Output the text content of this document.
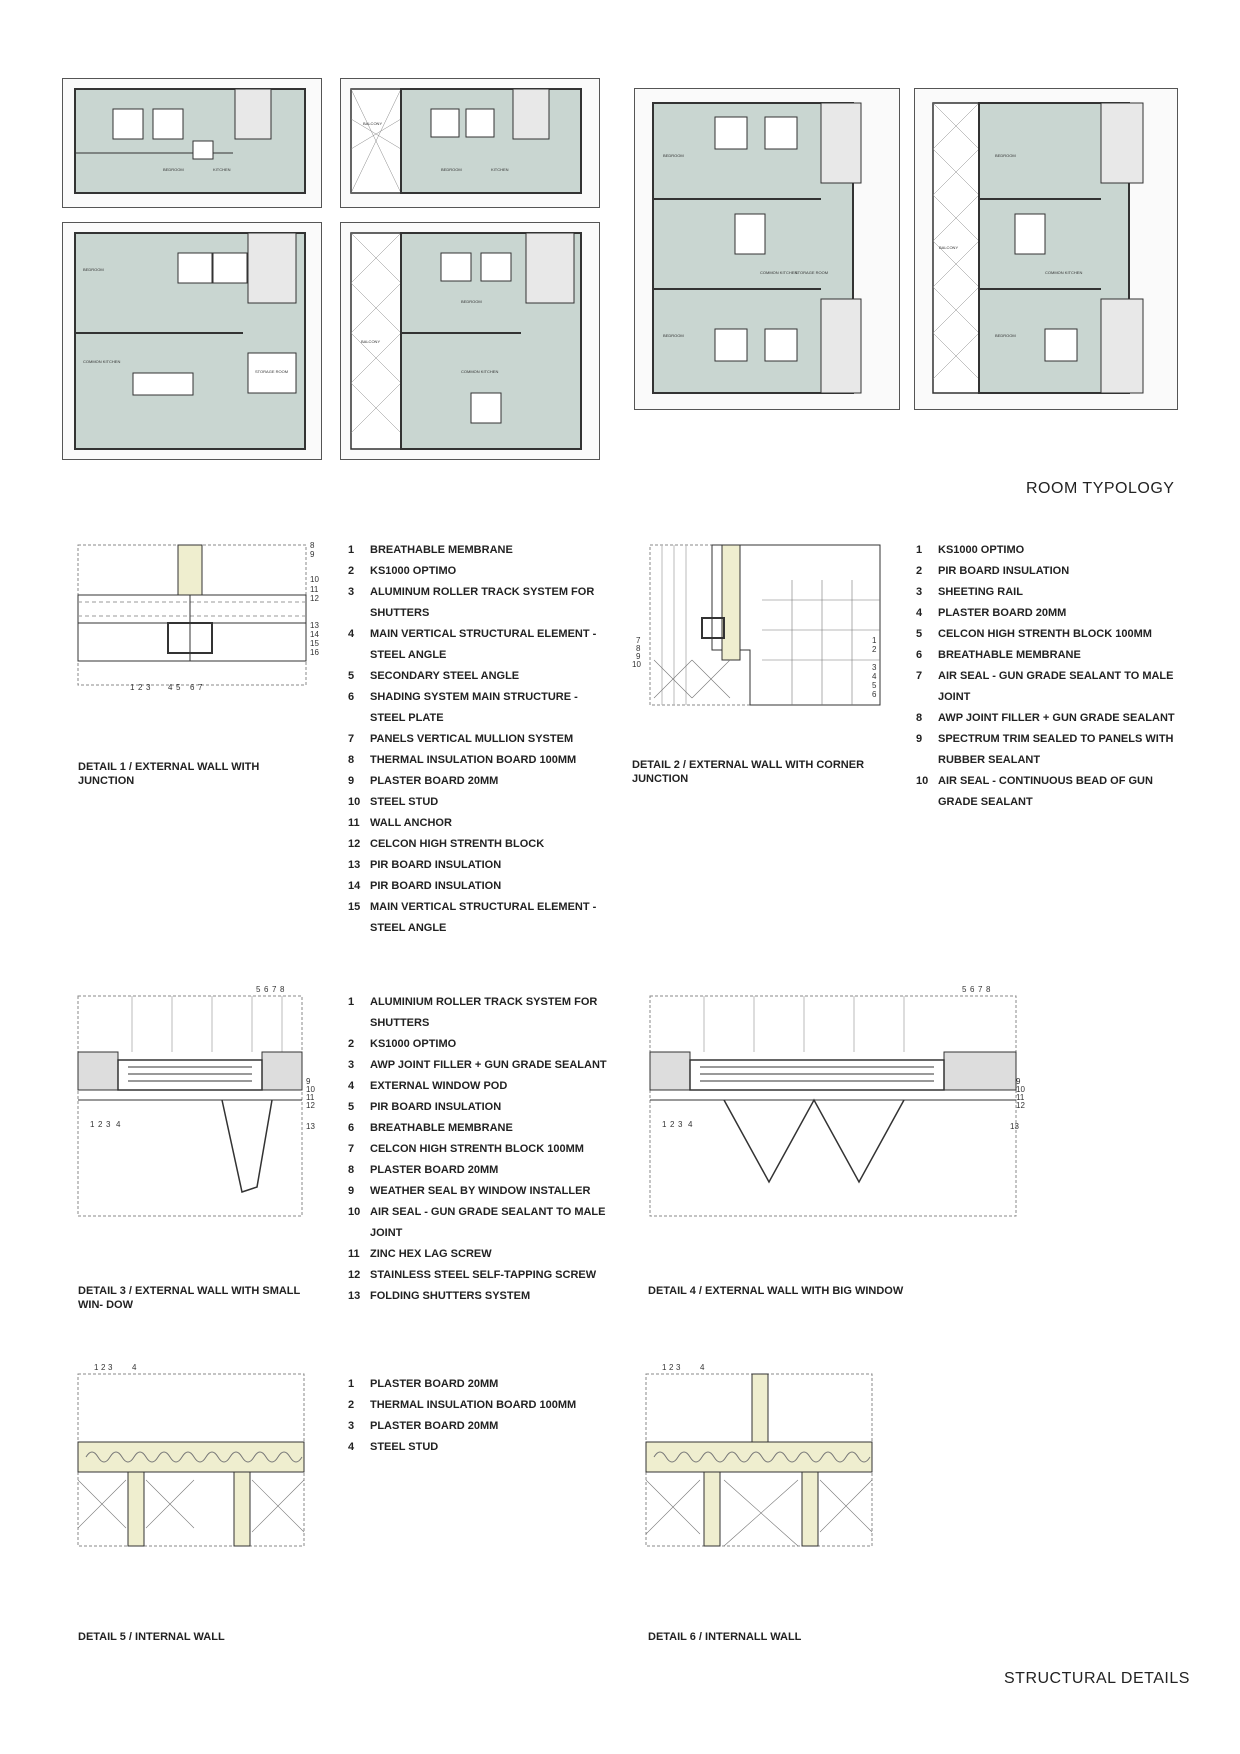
BEDROOM	KITCHEN
BALCONY
BEDROOM	KITCHEN
BEDROOM
COMMON KITCHEN
STORAGE ROOM
BALCONY
BEDROOM
COMMON KITCHEN
BEDROOM
COMMON KITCHEN
STORAGE ROOM
BEDROOM
BALCONY
BEDROOM
COMMON KITCHEN
BEDROOM
ROOM TYPOLOGY
8
9
10
11
12
13
14
15
16
1 2 3 4 5 6 7
DETAIL 1 / EXTERNAL WALL WITH JUNCTION
1	BREATHABLE MEMBRANE
2	KS1000 OPTIMO
3	ALUMINUM ROLLER TRACK SYSTEM FOR SHUTTERS
4	MAIN VERTICAL STRUCTURAL ELEMENT - STEEL ANGLE
5	SECONDARY STEEL ANGLE
6	SHADING SYSTEM MAIN STRUCTURE - STEEL PLATE
7	PANELS VERTICAL MULLION SYSTEM
8	THERMAL INSULATION BOARD 100MM
9	PLASTER BOARD 20MM
10 STEEL STUD
11 WALL ANCHOR
12 CELCON HIGH STRENTH BLOCK
13 PIR BOARD INSULATION
14 PIR BOARD INSULATION
15 MAIN VERTICAL STRUCTURAL ELEMENT - STEEL ANGLE
7
8
9
10
1
2
3
4
5
6
DETAIL 2 / EXTERNAL WALL WITH CORNER JUNCTION
1	KS1000 OPTIMO
2	PIR BOARD INSULATION
3	SHEETING RAIL
4	PLASTER BOARD 20MM
5	CELCON HIGH STRENTH BLOCK 100MM
6	BREATHABLE MEMBRANE
7	AIR SEAL - GUN GRADE SEALANT TO MALE JOINT
8	AWP JOINT FILLER + GUN GRADE SEALANT
9	SPECTRUM TRIM SEALED TO PANELS WITH RUBBER SEALANT
10 AIR SEAL - CONTINUOUS BEAD OF GUN GRADE SEALANT
5 6 7 8
9
10
11
12
1 2 3 4	13
DETAIL 3 / EXTERNAL WALL WITH SMALL WIN- DOW
1	ALUMINIUM ROLLER TRACK SYSTEM FOR SHUTTERS
2	KS1000 OPTIMO
3	AWP JOINT FILLER + GUN GRADE SEALANT
4	EXTERNAL WINDOW POD
5	PIR BOARD INSULATION
6	BREATHABLE MEMBRANE
7	CELCON HIGH STRENTH BLOCK 100MM
8	PLASTER BOARD 20MM
9	WEATHER SEAL BY WINDOW INSTALLER
10 AIR SEAL - GUN GRADE SEALANT TO MALE JOINT
11 ZINC HEX LAG SCREW
12 STAINLESS STEEL SELF-TAPPING SCREW
13 FOLDING SHUTTERS SYSTEM
5 6 7 8
9
10
11
12
1 2 3 4	13
DETAIL 4 / EXTERNAL WALL WITH BIG WINDOW
1 2 3 4
DETAIL 5 / INTERNAL WALL
1	PLASTER BOARD 20MM
2	THERMAL INSULATION BOARD 100MM
3	PLASTER BOARD 20MM
4	STEEL STUD
1 2 3 4
DETAIL 6 / INTERNALL WALL
STRUCTURAL DETAILS
